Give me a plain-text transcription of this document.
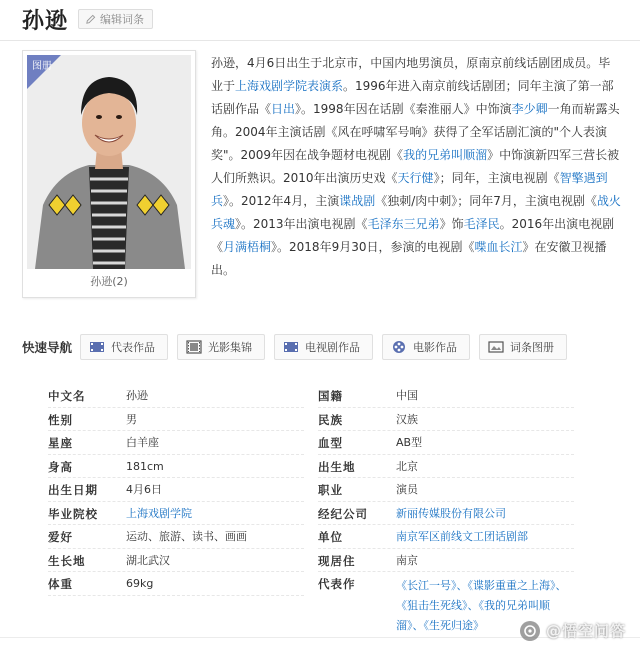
孙逊	编辑词条
图册
孙逊(2)
孙逊，4月6日出生于北京市，中国内地男演员，原南京前线话剧团成员。毕业于上海戏剧学院表演系。1996年进入南京前线话剧团；同年主演了第一部话剧作品《日出》。1998年因在话剧《秦淮丽人》中饰演李少卿一角而崭露头角。2004年主演话剧《风在呼啸军号响》获得了全军话剧汇演的"个人表演奖"。2009年因在战争题材电视剧《我的兄弟叫顺溜》中饰演新四军三营长被人们所熟识。2010年出演历史戏《天行健》；同年，主演电视剧《智擎遇到兵》。2012年4月，主演谍战剧《独刺/肉中刺》；同年7月，主演电视剧《战火兵魂》。2013年出演电视剧《毛泽东三兄弟》饰毛泽民。2016年出演电视剧《月满梧桐》。2018年9月30日，参演的电视剧《喋血长江》在安徽卫视播出。
快速导航	代表作品	光影集锦	电视剧作品	电影作品	词条图册
中文名	孙逊
性别	男
星座	白羊座
身高	181cm
出生日期	4月6日
毕业院校	上海戏剧学院
爱好	运动、旅游、读书、画画
生长地	湖北武汉
体重	69kg
国籍	中国
民族	汉族
血型	AB型
出生地	北京
职业	演员
经纪公司	新丽传媒股份有限公司
单位	南京军区前线文工团话剧部
现居住	南京
代表作	《长江一号》、《谍影重重之上海》、
《狙击生死线》、《我的兄弟叫顺
溜》、《生死归途》	@悟空问答
